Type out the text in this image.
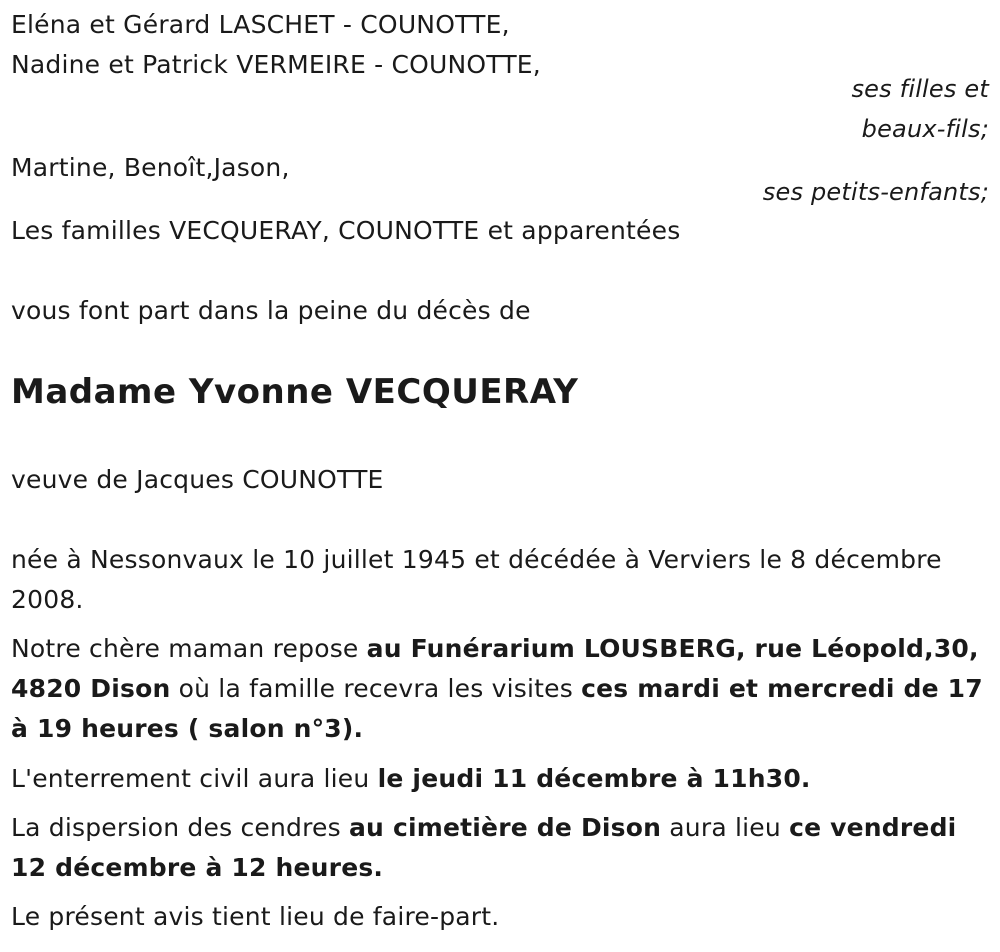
Eléna et Gérard LASCHET - COUNOTTE,
Nadine et Patrick VERMEIRE - COUNOTTE,
ses filles et
beaux-fils;
Martine, Benoît,Jason,
ses petits-enfants;
Les familles VECQUERAY, COUNOTTE et apparentées
vous font part dans la peine du décès de
Madame Yvonne VECQUERAY
veuve de Jacques COUNOTTE
née à Nessonvaux le 10 juillet 1945 et décédée à Verviers le 8 décembre 2008.
Notre chère maman repose au Funérarium LOUSBERG, rue Léopold,30, 4820 Dison où la famille recevra les visites ces mardi et mercredi de 17 à 19 heures ( salon n°3).
L'enterrement civil aura lieu le jeudi 11 décembre à 11h30.
La dispersion des cendres au cimetière de Dison aura lieu ce vendredi 12 décembre à 12 heures.
Le présent avis tient lieu de faire-part.
